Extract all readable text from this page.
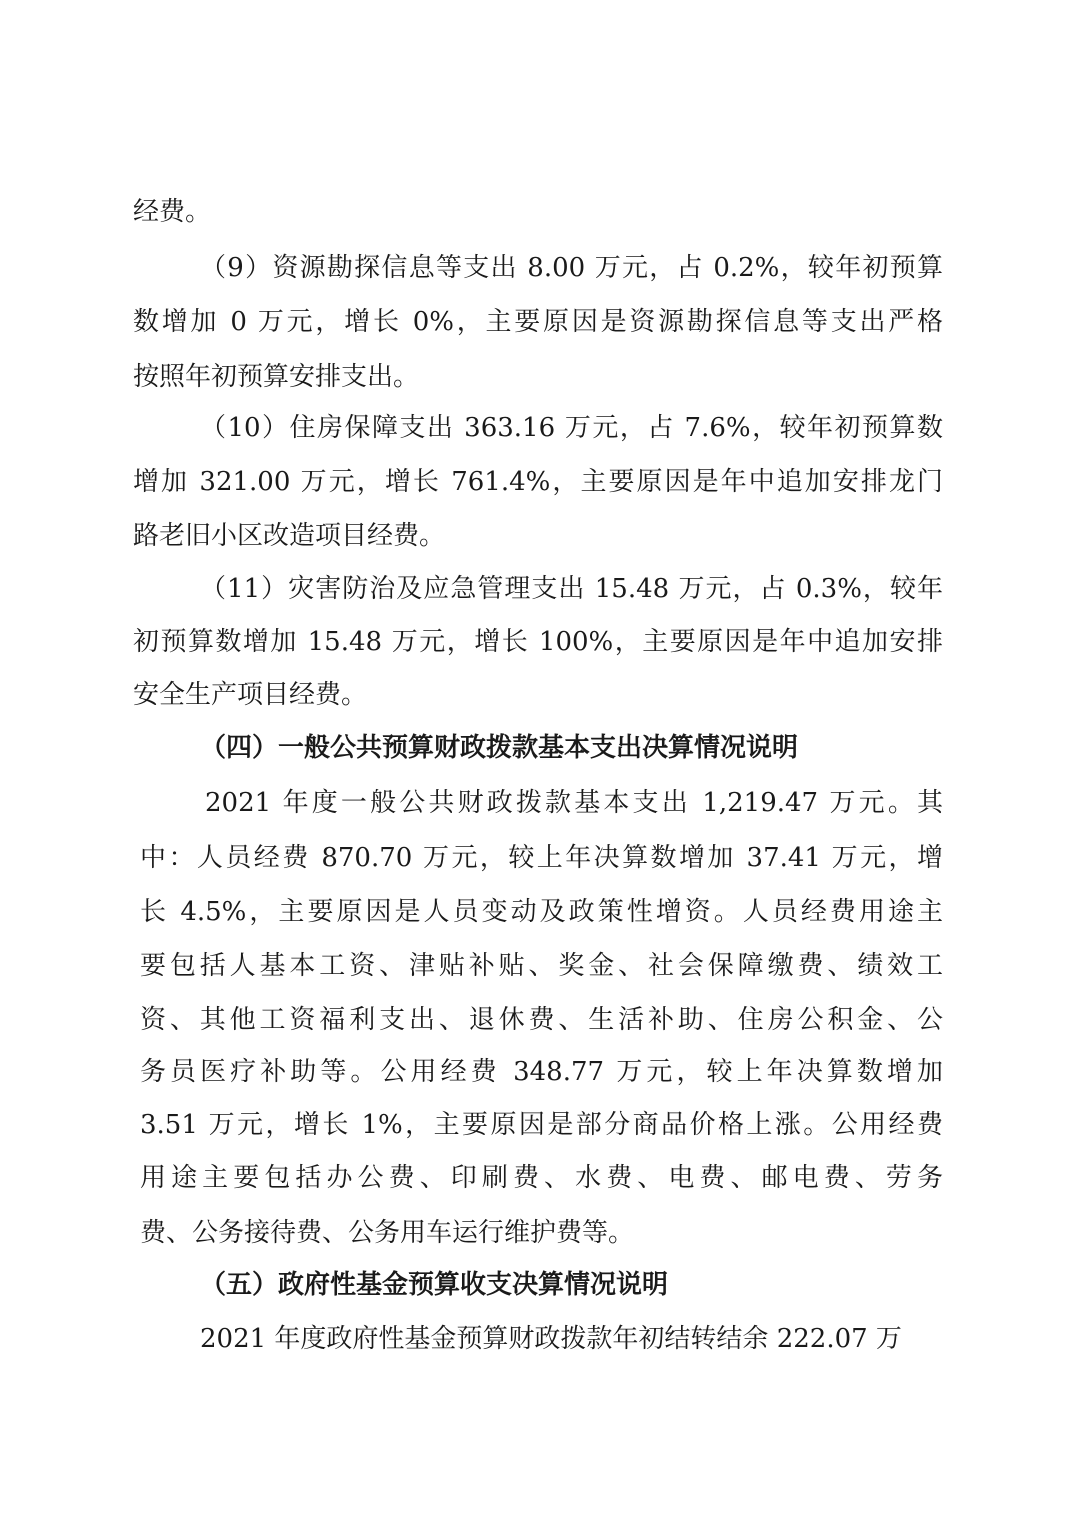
经费。
（9）资源勘探信息等支出 8.00 万元，占 0.2%，较年初预算
数增加 0 万元，增长 0%，主要原因是资源勘探信息等支出严格
按照年初预算安排支出。
（10）住房保障支出 363.16 万元，占 7.6%，较年初预算数
增加 321.00 万元，增长 761.4%，主要原因是年中追加安排龙门
路老旧小区改造项目经费。
（11）灾害防治及应急管理支出 15.48 万元，占 0.3%，较年
初预算数增加 15.48 万元，增长 100%，主要原因是年中追加安排
安全生产项目经费。
（四）一般公共预算财政拨款基本支出决算情况说明
2021 年度一般公共财政拨款基本支出 1,219.47 万元。其
中：人员经费 870.70 万元，较上年决算数增加 37.41 万元，增
长 4.5%，主要原因是人员变动及政策性增资。人员经费用途主
要包括人基本工资、津贴补贴、奖金、社会保障缴费、绩效工
资、其他工资福利支出、退休费、生活补助、住房公积金、公
务员医疗补助等。公用经费 348.77 万元，较上年决算数增加
3.51 万元，增长 1%，主要原因是部分商品价格上涨。公用经费
用途主要包括办公费、印刷费、水费、电费、邮电费、劳务
费、公务接待费、公务用车运行维护费等。
（五）政府性基金预算收支决算情况说明
2021 年度政府性基金预算财政拨款年初结转结余 222.07 万
